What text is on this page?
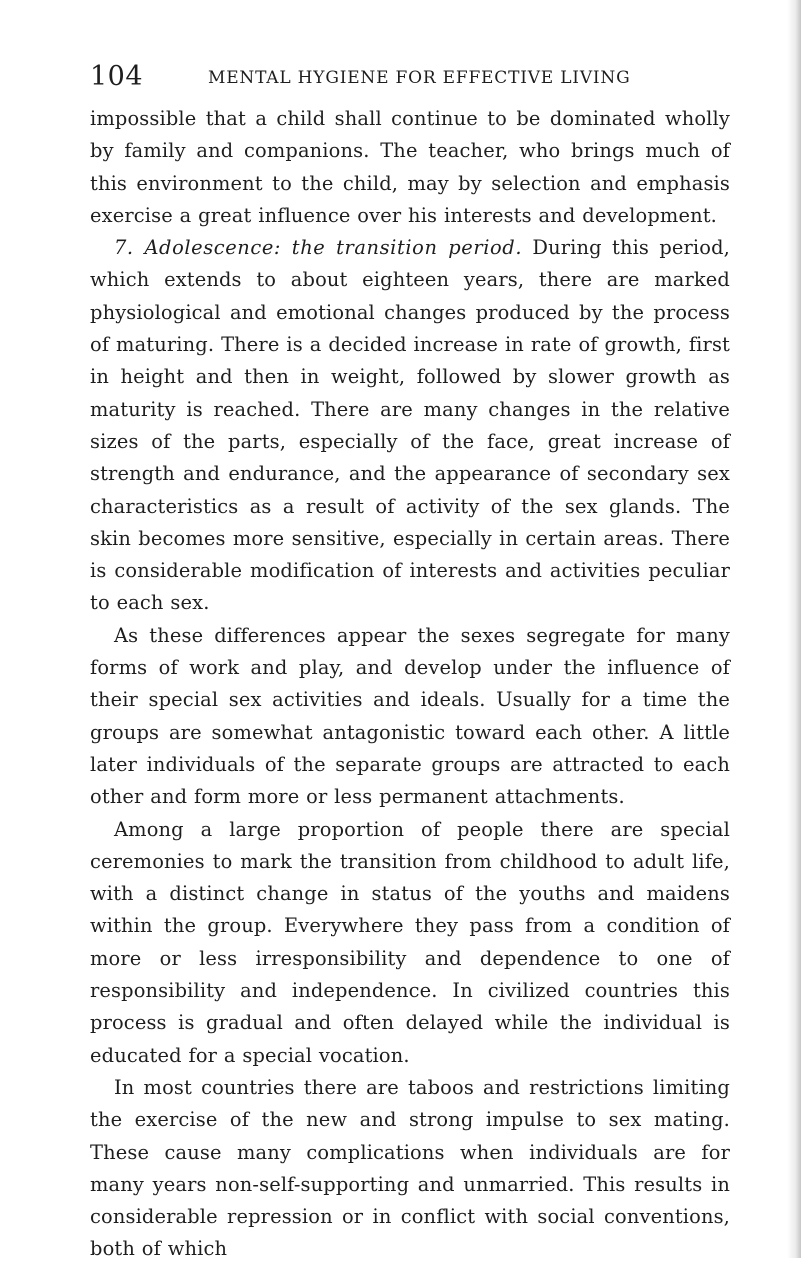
104	MENTAL HYGIENE FOR EFFECTIVE LIVING

impossible that a child shall continue to be dominated wholly by family and companions. The teacher, who brings much of this environment to the child, may by selection and emphasis exercise a great influence over his interests and development.

7. Adolescence: the transition period. During this period, which extends to about eighteen years, there are marked physiological and emotional changes produced by the process of maturing. There is a decided increase in rate of growth, first in height and then in weight, followed by slower growth as maturity is reached. There are many changes in the relative sizes of the parts, especially of the face, great increase of strength and endurance, and the appearance of secondary sex characteristics as a result of activity of the sex glands. The skin becomes more sensitive, especially in certain areas. There is considerable modification of interests and activities peculiar to each sex.

As these differences appear the sexes segregate for many forms of work and play, and develop under the influence of their special sex activities and ideals. Usually for a time the groups are somewhat antagonistic toward each other. A little later individuals of the separate groups are attracted to each other and form more or less permanent attachments.

Among a large proportion of people there are special ceremonies to mark the transition from childhood to adult life, with a distinct change in status of the youths and maidens within the group. Everywhere they pass from a condition of more or less irresponsibility and dependence to one of responsibility and independence. In civilized countries this process is gradual and often delayed while the individual is educated for a special vocation.

In most countries there are taboos and restrictions limiting the exercise of the new and strong impulse to sex mating. These cause many complications when individuals are for many years non-self-supporting and unmarried. This results in considerable repression or in conflict with social conventions, both of which
